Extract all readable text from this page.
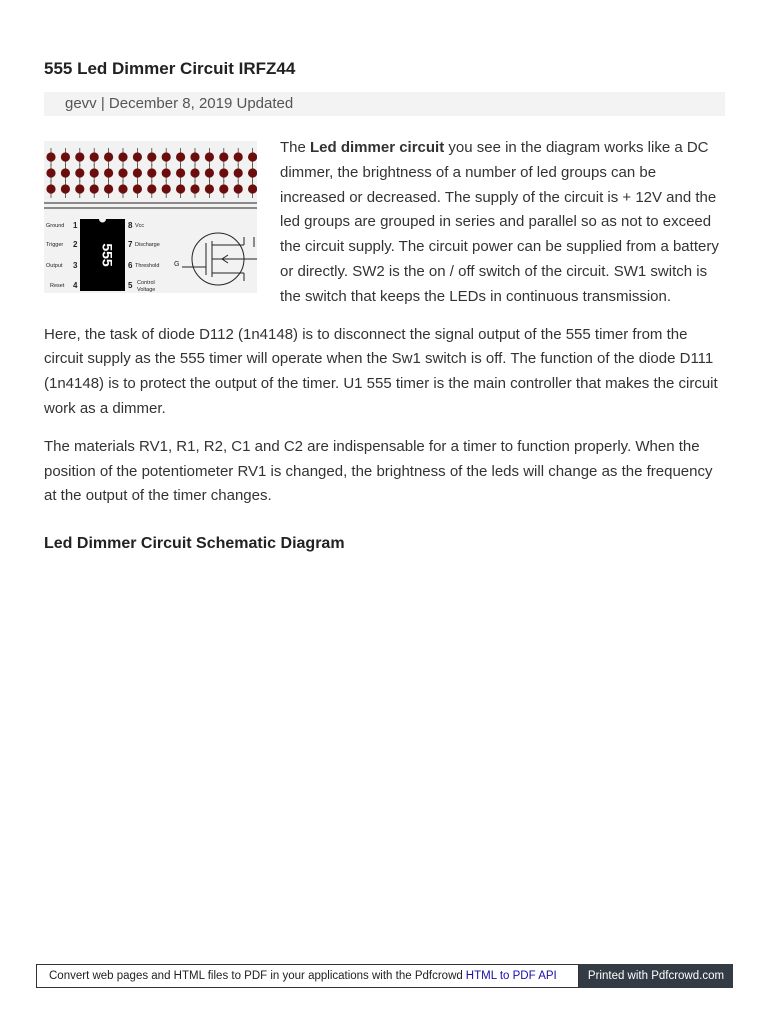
555 Led Dimmer Circuit IRFZ44
gevv | December 8, 2019 Updated
555
Ground 1
Trigger 2
Output 3
Reset 4
8 Vcc
7 Discharge
6 Threshold
5 Control
Voltage
G

The Led dimmer circuit you see in the diagram works like a DC dimmer, the brightness of a number of led groups can be increased or decreased. The supply of the circuit is + 12V and the led groups are grouped in series and parallel so as not to exceed the circuit supply. The circuit power can be supplied from a battery or directly. SW2 is the on / off switch of the circuit. SW1 switch is the switch that keeps the LEDs in continuous transmission.

Here, the task of diode D112 (1n4148) is to disconnect the signal output of the 555 timer from the circuit supply as the 555 timer will operate when the Sw1 switch is off. The function of the diode D111 (1n4148) is to protect the output of the timer. U1 555 timer is the main controller that makes the circuit work as a dimmer.

The materials RV1, R1, R2, C1 and C2 are indispensable for a timer to function properly. When the position of the potentiometer RV1 is changed, the brightness of the leds will change as the frequency at the output of the timer changes.

Led Dimmer Circuit Schematic Diagram
Convert web pages and HTML files to PDF in your applications with the Pdfcrowd HTML to PDF API	Printed with Pdfcrowd.com
